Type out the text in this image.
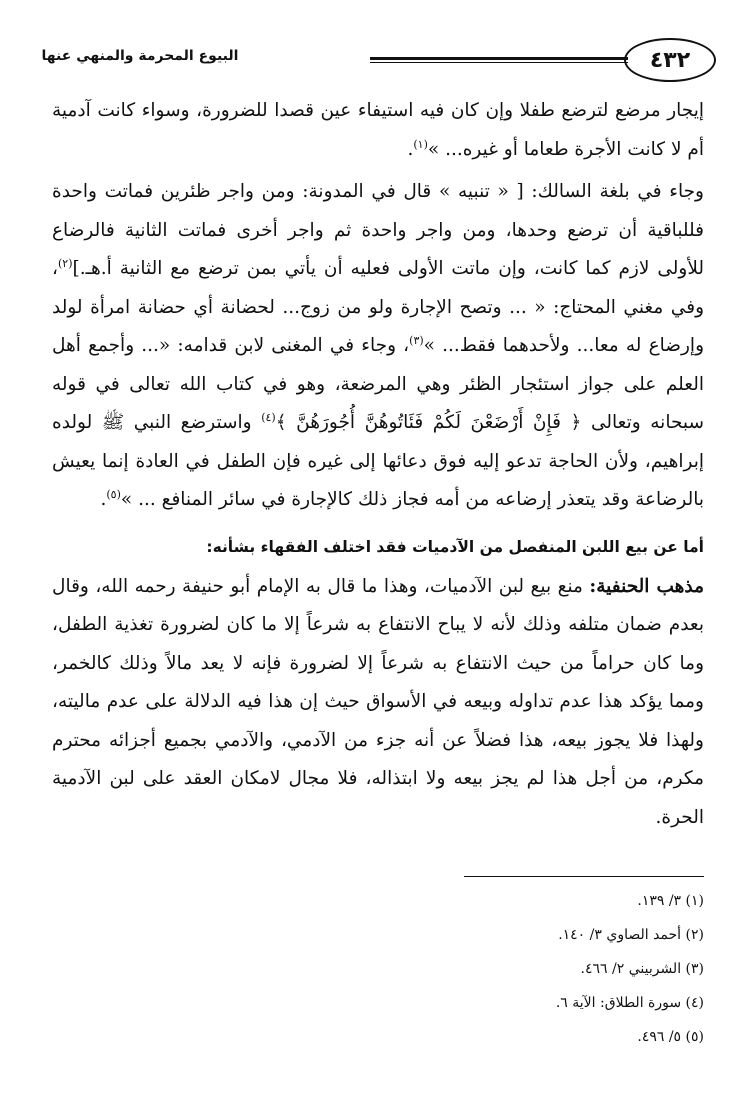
٤٣٢
البيوع المحرمة والمنهي عنها

إيجار مرضع لترضع طفلا وإن كان فيه استيفاء عين قصدا للضرورة، وسواء كانت آدمية أم لا كانت الأجرة طعاما أو غيره... »$^{(١)}$.

وجاء في بلغة السالك: [ « تنبيه » قال في المدونة: ومن واجر ظئرين فماتت واحدة فللباقية أن ترضع وحدها، ومن واجر واحدة ثم واجر أخرى فماتت الثانية فالرضاع للأولى لازم كما كانت، وإن ماتت الأولى فعليه أن يأتي بمن ترضع مع الثانية أ.هـ.]$^{(٢)}$، وفي مغني المحتاج: « ... وتصح الإجارة ولو من زوج... لحضانة أي حضانة امرأة لولد وإرضاع له معا... ولأحدهما فقط... »$^{(٣)}$، وجاء في المغنى لابن قدامه: «... وأجمع أهل العلم على جواز استئجار الظئر وهي المرضعة، وهو في كتاب الله تعالى في قوله سبحانه وتعالى ﴿ فَإِنْ أَرْضَعْنَ لَكُمْ فَئَاتُوهُنَّ أُجُورَهُنَّ ﴾$^{(٤)}$ واسترضع النبي ﷺ لولده إبراهيم، ولأن الحاجة تدعو إليه فوق دعائها إلى غيره فإن الطفل في العادة إنما يعيش بالرضاعة وقد يتعذر إرضاعه من أمه فجاز ذلك كالإجارة في سائر المنافع ... »$^{(٥)}$.

أما عن بيع اللبن المنفصل من الآدميات فقد اختلف الفقهاء بشأنه:

مذهب الحنفية: منع بيع لبن الآدميات، وهذا ما قال به الإمام أبو حنيفة رحمه الله، وقال بعدم ضمان متلفه وذلك لأنه لا يباح الانتفاع به شرعاً إلا ما كان لضرورة تغذية الطفل، وما كان حراماً من حيث الانتفاع به شرعاً إلا لضرورة فإنه لا يعد مالاً وذلك كالخمر، ومما يؤكد هذا عدم تداوله وبيعه في الأسواق حيث إن هذا فيه الدلالة على عدم ماليته، ولهذا فلا يجوز بيعه، هذا فضلاً عن أنه جزء من الآدمي، والآدمي بجميع أجزائه محترم مكرم، من أجل هذا لم يجز بيعه ولا ابتذاله، فلا مجال لامكان العقد على لبن الآدمية الحرة.

(١) ٣/ ١٣٩.

(٢) أحمد الصاوي ٣/ ١٤٠.

(٣) الشربيني ٢/ ٤٦٦.

(٤) سورة الطلاق: الآية ٦.

(٥) ٥/ ٤٩٦.
